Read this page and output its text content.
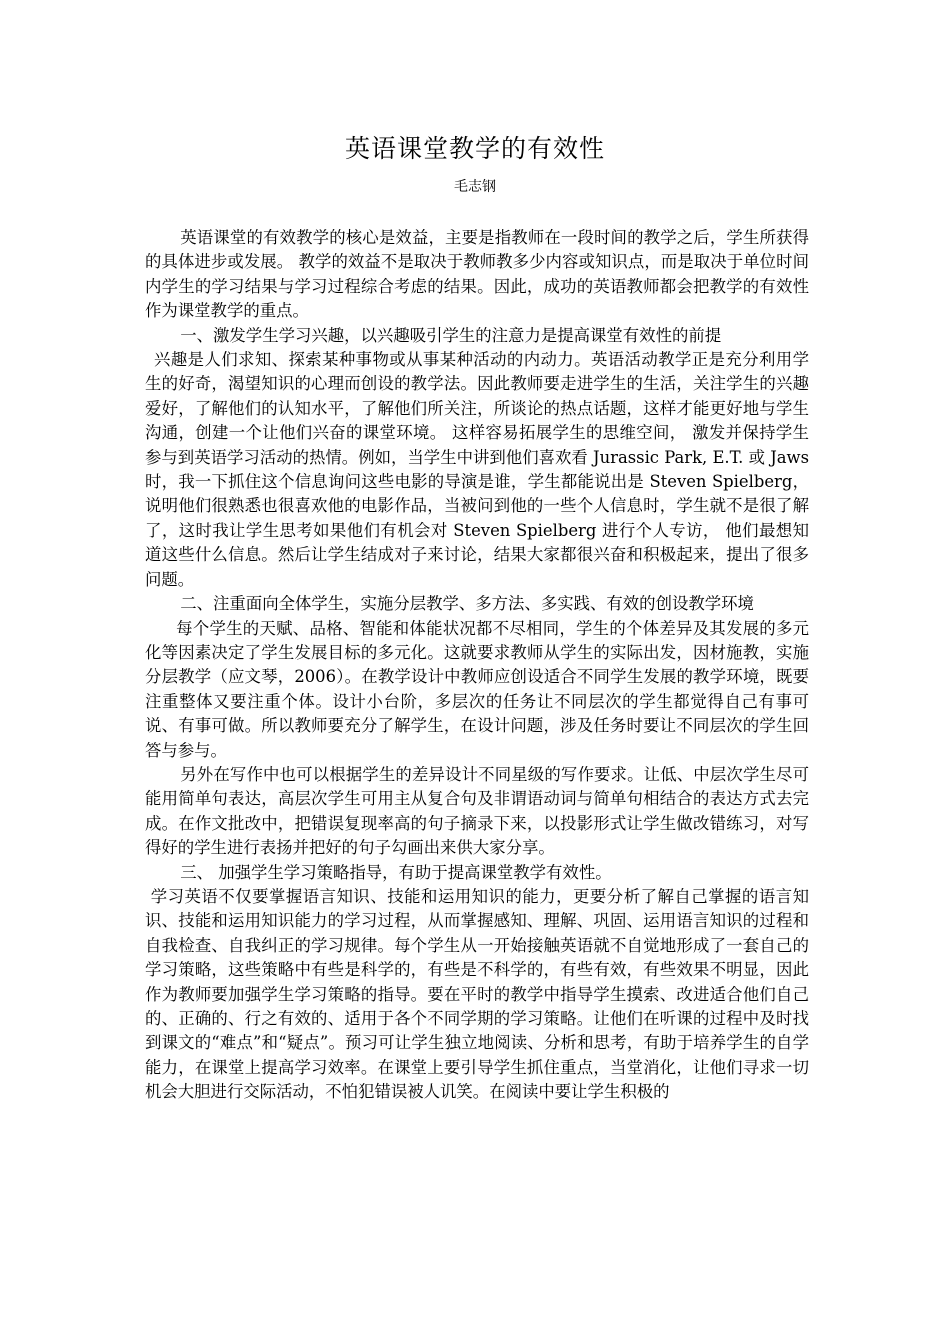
英语课堂教学的有效性
毛志钢

英语课堂的有效教学的核心是效益，主要是指教师在一段时间的教学之后，学生所获得的具体进步或发展。 教学的效益不是取决于教师教多少内容或知识点，而是取决于单位时间内学生的学习结果与学习过程综合考虑的结果。因此，成功的英语教师都会把教学的有效性作为课堂教学的重点。

一、激发学生学习兴趣，以兴趣吸引学生的注意力是提高课堂有效性的前提

兴趣是人们求知、探索某种事物或从事某种活动的内动力。英语活动教学正是充分利用学生的好奇，渴望知识的心理而创设的教学法。因此教师要走进学生的生活，关注学生的兴趣爱好，了解他们的认知水平，了解他们所关注，所谈论的热点话题，这样才能更好地与学生沟通，创建一个让他们兴奋的课堂环境。 这样容易拓展学生的思维空间， 激发并保持学生参与到英语学习活动的热情。例如，当学生中讲到他们喜欢看 Jurassic Park, E.T. 或 Jaws 时，我一下抓住这个信息询问这些电影的导演是谁，学生都能说出是 Steven Spielberg，说明他们很熟悉也很喜欢他的电影作品，当被问到他的一些个人信息时，学生就不是很了解了，这时我让学生思考如果他们有机会对 Steven Spielberg 进行个人专访， 他们最想知道这些什么信息。然后让学生结成对子来讨论，结果大家都很兴奋和积极起来，提出了很多问题。

二、注重面向全体学生，实施分层教学、多方法、多实践、有效的创设教学环境

每个学生的天赋、品格、智能和体能状况都不尽相同，学生的个体差异及其发展的多元化等因素决定了学生发展目标的多元化。这就要求教师从学生的实际出发，因材施教，实施分层教学（应文琴，2006）。在教学设计中教师应创设适合不同学生发展的教学环境，既要注重整体又要注重个体。设计小台阶，多层次的任务让不同层次的学生都觉得自己有事可说、有事可做。所以教师要充分了解学生，在设计问题，涉及任务时要让不同层次的学生回答与参与。

另外在写作中也可以根据学生的差异设计不同星级的写作要求。让低、中层次学生尽可能用简单句表达，高层次学生可用主从复合句及非谓语动词与简单句相结合的表达方式去完成。在作文批改中，把错误复现率高的句子摘录下来，以投影形式让学生做改错练习，对写得好的学生进行表扬并把好的句子勾画出来供大家分享。

三、 加强学生学习策略指导，有助于提高课堂教学有效性。

学习英语不仅要掌握语言知识、技能和运用知识的能力，更要分析了解自己掌握的语言知识、技能和运用知识能力的学习过程，从而掌握感知、理解、巩固、运用语言知识的过程和自我检查、自我纠正的学习规律。每个学生从一开始接触英语就不自觉地形成了一套自己的学习策略，这些策略中有些是科学的，有些是不科学的，有些有效，有些效果不明显，因此作为教师要加强学生学习策略的指导。要在平时的教学中指导学生摸索、改进适合他们自己的、正确的、行之有效的、适用于各个不同学期的学习策略。让他们在听课的过程中及时找到课文的“难点”和“疑点”。预习可让学生独立地阅读、分析和思考，有助于培养学生的自学能力，在课堂上提高学习效率。在课堂上要引导学生抓住重点，当堂消化，让他们寻求一切机会大胆进行交际活动，不怕犯错误被人讥笑。在阅读中要让学生积极的
